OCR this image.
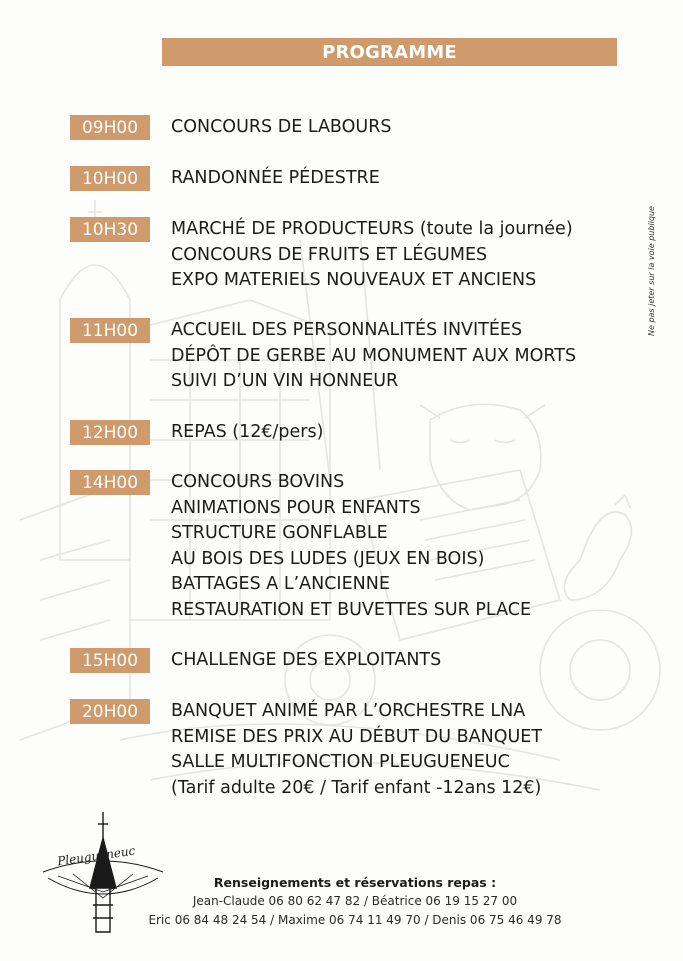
PROGRAMME
09H00	CONCOURS DE LABOURS
10H00	RANDONNÉE PÉDESTRE
10H30	MARCHÉ DE PRODUCTEURS (toute la journée)
CONCOURS DE FRUITS ET LÉGUMES
EXPO MATERIELS NOUVEAUX ET ANCIENS
11H00	ACCUEIL DES PERSONNALITÉS INVITÉES
DÉPÔT DE GERBE AU MONUMENT AUX MORTS
SUIVI D’UN VIN HONNEUR
12H00	REPAS (12€/pers)
14H00	CONCOURS BOVINS
ANIMATIONS POUR ENFANTS
STRUCTURE GONFLABLE
AU BOIS DES LUDES (JEUX EN BOIS)
BATTAGES A L’ANCIENNE
RESTAURATION ET BUVETTES SUR PLACE
15H00	CHALLENGE DES EXPLOITANTS
20H00	BANQUET ANIMÉ PAR L’ORCHESTRE LNA
REMISE DES PRIX AU DÉBUT DU BANQUET
SALLE MULTIFONCTION PLEUGUENEUC
(Tarif adulte 20€ / Tarif enfant -12ans 12€)
Ne pas jeter sur la voie publique
Pleugueneuc
Renseignements et réservations repas :
Jean-Claude 06 80 62 47 82 / Béatrice 06 19 15 27 00
Eric 06 84 48 24 54 / Maxime 06 74 11 49 70 / Denis 06 75 46 49 78
